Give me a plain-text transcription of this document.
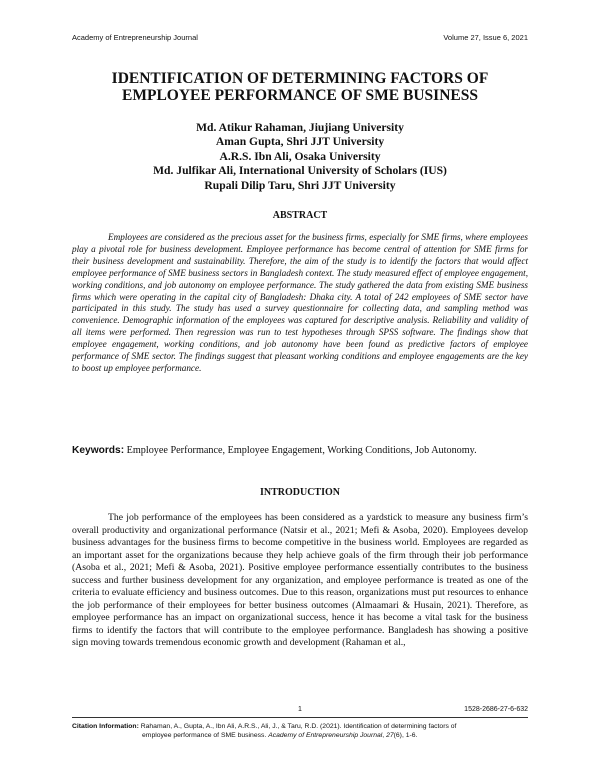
Academy of Entrepreneurship Journal	Volume 27, Issue 6, 2021
IDENTIFICATION OF DETERMINING FACTORS OF
EMPLOYEE PERFORMANCE OF SME BUSINESS
Md. Atikur Rahaman, Jiujiang University
Aman Gupta, Shri JJT University
A.R.S. Ibn Ali, Osaka University
Md. Julfikar Ali, International University of Scholars (IUS)
Rupali Dilip Taru, Shri JJT University
ABSTRACT

Employees are considered as the precious asset for the business firms, especially for SME firms, where employees play a pivotal role for business development. Employee performance has become central of attention for SME firms for their business development and sustainability. Therefore, the aim of the study is to identify the factors that would affect employee performance of SME business sectors in Bangladesh context. The study measured effect of employee engagement, working conditions, and job autonomy on employee performance. The study gathered the data from existing SME business firms which were operating in the capital city of Bangladesh: Dhaka city. A total of 242 employees of SME sector have participated in this study. The study has used a survey questionnaire for collecting data, and sampling method was convenience. Demographic information of the employees was captured for descriptive analysis. Reliability and validity of all items were performed. Then regression was run to test hypotheses through SPSS software. The findings show that employee engagement, working conditions, and job autonomy have been found as predictive factors of employee performance of SME sector. The findings suggest that pleasant working conditions and employee engagements are the key to boost up employee performance.

Keywords: Employee Performance, Employee Engagement, Working Conditions, Job Autonomy.

INTRODUCTION

The job performance of the employees has been considered as a yardstick to measure any business firm’s overall productivity and organizational performance (Natsir et al., 2021; Mefi & Asoba, 2020). Employees develop business advantages for the business firms to become competitive in the business world. Employees are regarded as an important asset for the organizations because they help achieve goals of the firm through their job performance (Asoba et al., 2021; Mefi & Asoba, 2021). Positive employee performance essentially contributes to the business success and further business development for any organization, and employee performance is treated as one of the criteria to evaluate efficiency and business outcomes. Due to this reason, organizations must put resources to enhance the job performance of their employees for better business outcomes (Almaamari & Husain, 2021). Therefore, as employee performance has an impact on organizational success, hence it has become a vital task for the business firms to identify the factors that will contribute to the employee performance. Bangladesh has showing a positive sign moving towards tremendous economic growth and development (Rahaman et al.,

1	1528-2686-27-6-632
Citation Information: Rahaman, A., Gupta, A., Ibn Ali, A.R.S., Ali, J., & Taru, R.D. (2021). Identification of determining factors of
employee performance of SME business. Academy of Entrepreneurship Journal, 27(6), 1-6.
